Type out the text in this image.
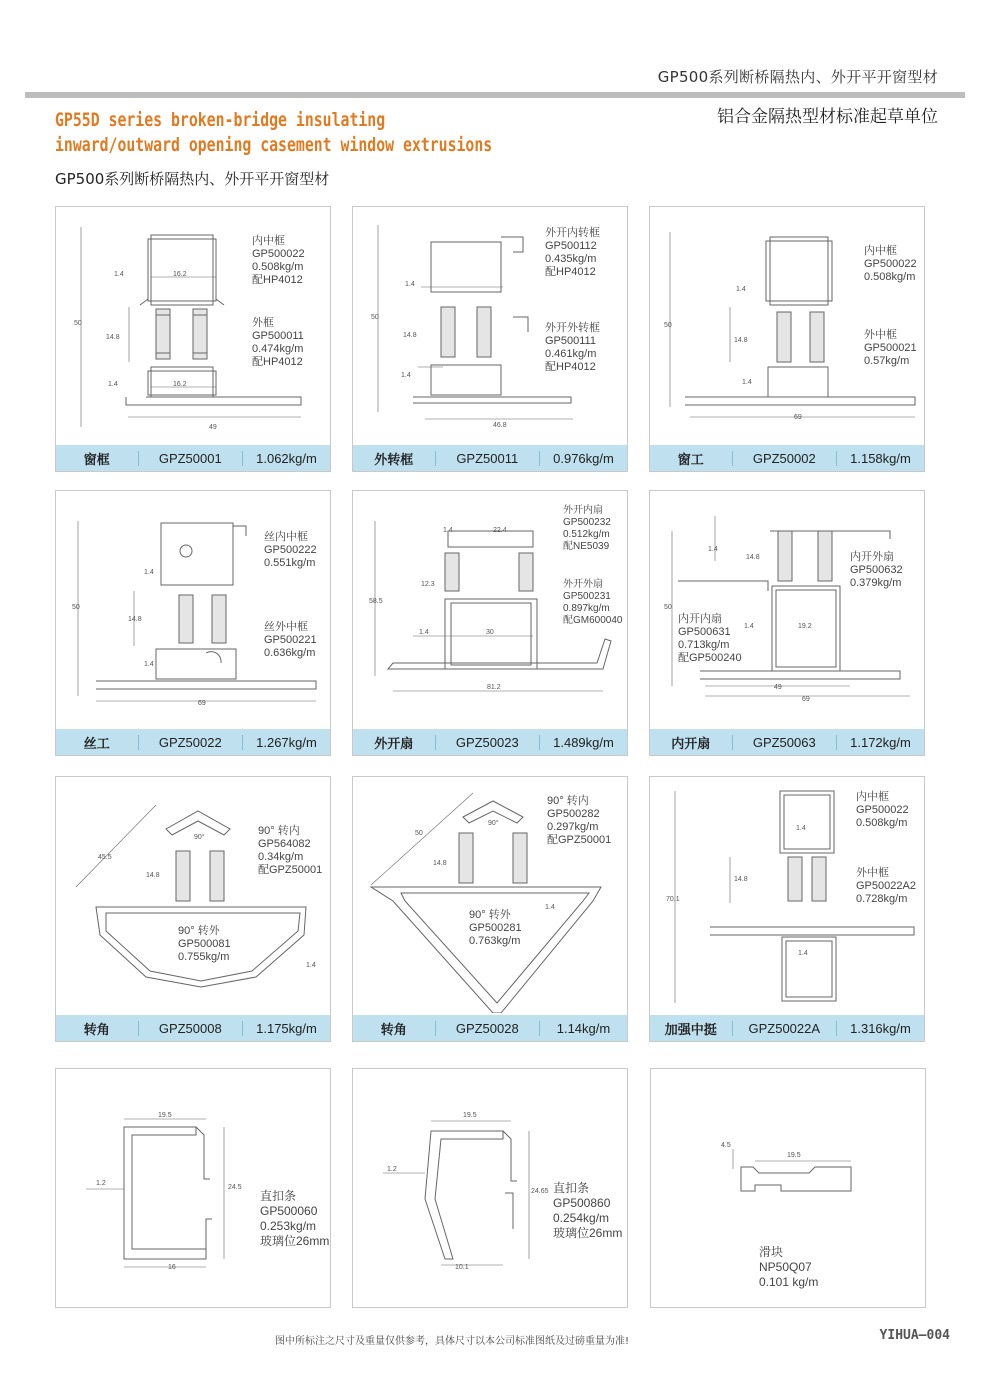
GP500系列断桥隔热内、外开平开窗型材
铝合金隔热型材标准起草单位
GP55D series broken-bridge insulating
inward/outward opening casement window extrusions
GP500系列断桥隔热内、外开平开窗型材
1.4	16.2
14.8
50
1.4	16.2
49
内中框
GP500022
0.508kg/m
配HP4012
外框
GP500011
0.474kg/m
配HP4012
窗框	GPZ50001	1.062kg/m
1.4
14.8
50
1.4
46.8
外开内转框
GP500112
0.435kg/m
配HP4012
外开外转框
GP500111
0.461kg/m
配HP4012
外转框	GPZ50011	0.976kg/m
1.4
14.8
50
1.4
69
内中框
GP500022
0.508kg/m
外中框
GP500021
0.57kg/m
窗工	GPZ50002	1.158kg/m
1.4
14.8
50
1.4
69
丝内中框
GP500222
0.551kg/m
丝外中框
GP500221
0.636kg/m
丝工	GPZ50022	1.267kg/m
1.4	22.4
12.3
58.5
1.4	30
81.2
外开内扇
GP500232
0.512kg/m
配NE5039
外开外扇
GP500231
0.897kg/m
配GM600040
外开扇	GPZ50023	1.489kg/m
1.4
14.8
50
1.4	19.2
49
69
内开外扇
GP500632
0.379kg/m
内开内扇
GP500631
0.713kg/m
配GP500240
内开扇	GPZ50063	1.172kg/m
45.5
90°
14.8
1.4
90° 转内
GP564082
0.34kg/m
配GPZ50001
90° 转外
GP500081
0.755kg/m
转角	GPZ50008	1.175kg/m
50
90°
14.8
1.4
90° 转内
GP500282
0.297kg/m
配GPZ50001
90° 转外
GP500281
0.763kg/m
转角	GPZ50028	1.14kg/m
1.4
14.8
70.1
1.4
内中框
GP500022
0.508kg/m
外中框
GP50022A2
0.728kg/m
加强中挺	GPZ50022A	1.316kg/m
19.5
1.2
24.5
16
直扣条
GP500060
0.253kg/m
玻璃位26mm
19.5
1.2
24.65
10.1
直扣条
GP500860
0.254kg/m
玻璃位26mm
4.5
19.5
滑块
NP50Q07
0.101 kg/m
图中所标注之尺寸及重量仅供参考，具体尺寸以本公司标准图纸及过磅重量为准!	YIHUA—004
